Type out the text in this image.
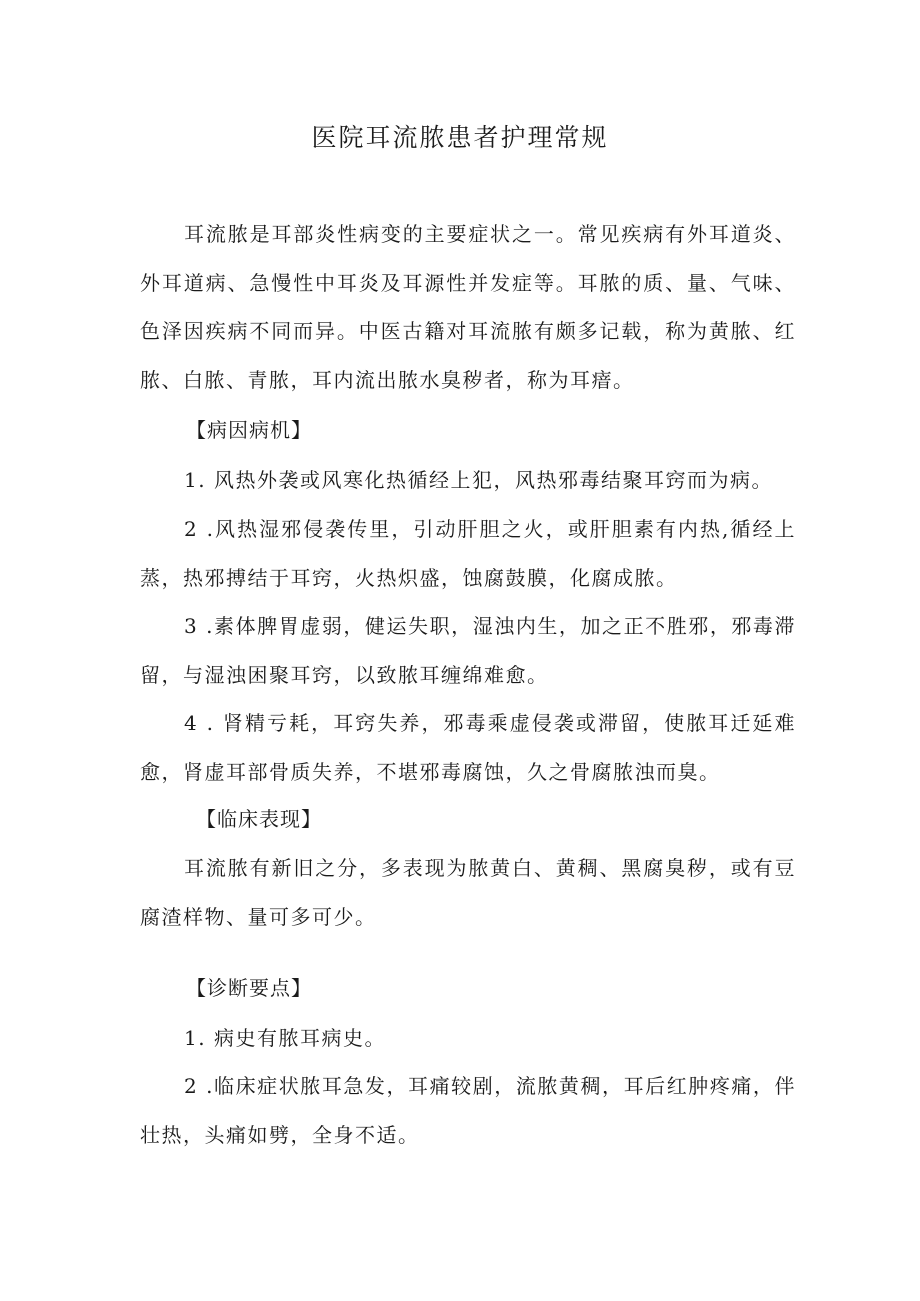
医院耳流脓患者护理常规

耳流脓是耳部炎性病变的主要症状之一。常见疾病有外耳道炎、外耳道病、急慢性中耳炎及耳源性并发症等。耳脓的质、量、气味、色泽因疾病不同而异。中医古籍对耳流脓有颇多记载，称为黄脓、红脓、白脓、青脓，耳内流出脓水臭秽者，称为耳瘖。

【病因病机】

1. 风热外袭或风寒化热循经上犯，风热邪毒结聚耳窍而为病。

2 .风热湿邪侵袭传里，引动肝胆之火，或肝胆素有内热,循经上蒸，热邪搏结于耳窍，火热炽盛，蚀腐鼓膜，化腐成脓。

3 .素体脾胃虚弱，健运失职，湿浊内生，加之正不胜邪，邪毒滞留，与湿浊困聚耳窍，以致脓耳缠绵难愈。

4 . 肾精亏耗，耳窍失养，邪毒乘虚侵袭或滞留，使脓耳迁延难愈，肾虚耳部骨质失养，不堪邪毒腐蚀，久之骨腐脓浊而臭。

【临床表现】

耳流脓有新旧之分，多表现为脓黄白、黄稠、黑腐臭秽，或有豆腐渣样物、量可多可少。

【诊断要点】

1. 病史有脓耳病史。

2 .临床症状脓耳急发，耳痛较剧，流脓黄稠，耳后红肿疼痛，伴壮热，头痛如劈，全身不适。
